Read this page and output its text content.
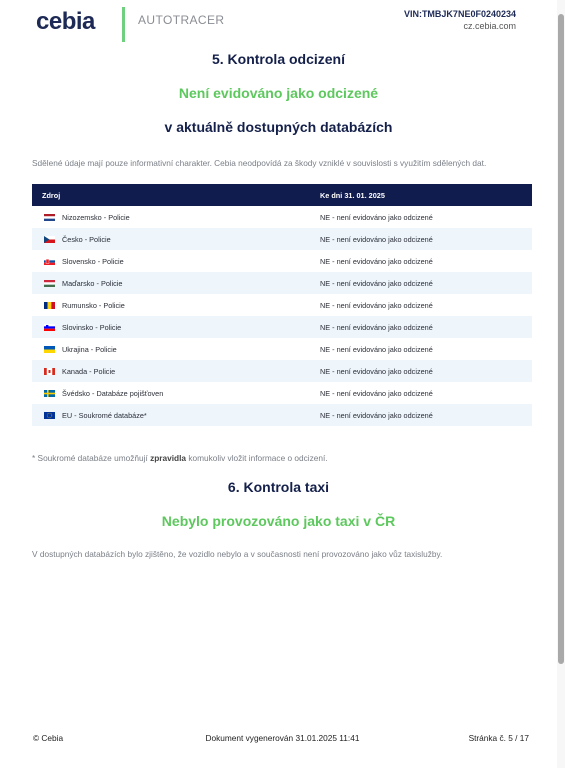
cebia	AUTOTRACER	VIN:TMBJK7NE0F0240234
cz.cebia.com
5. Kontrola odcizení
Není evidováno jako odcizené
v aktuálně dostupných databázích
Sdělené údaje mají pouze informativní charakter. Cebia neodpovídá za škody vzniklé v souvislosti s využitím sdělených dat.
Zdroj	Ke dni 31. 01. 2025

Nizozemsko - Policie	NE - není evidováno jako odcizené

Česko - Policie	NE - není evidováno jako odcizené

Slovensko - Policie	NE - není evidováno jako odcizené

Maďarsko - Policie	NE - není evidováno jako odcizené

Rumunsko - Policie	NE - není evidováno jako odcizené

Slovinsko - Policie	NE - není evidováno jako odcizené

Ukrajina - Policie	NE - není evidováno jako odcizené

Kanada - Policie	NE - není evidováno jako odcizené

Švédsko - Databáze pojišťoven	NE - není evidováno jako odcizené

EU - Soukromé databáze*	NE - není evidováno jako odcizené
* Soukromé databáze umožňují zpravidla komukoliv vložit informace o odcizení.
6. Kontrola taxi
Nebylo provozováno jako taxi v ČR
V dostupných databázích bylo zjištěno, že vozidlo nebylo a v současnosti není provozováno jako vůz taxislužby.
© Cebia	Dokument vygenerován 31.01.2025 11:41	Stránka č. 5 / 17
